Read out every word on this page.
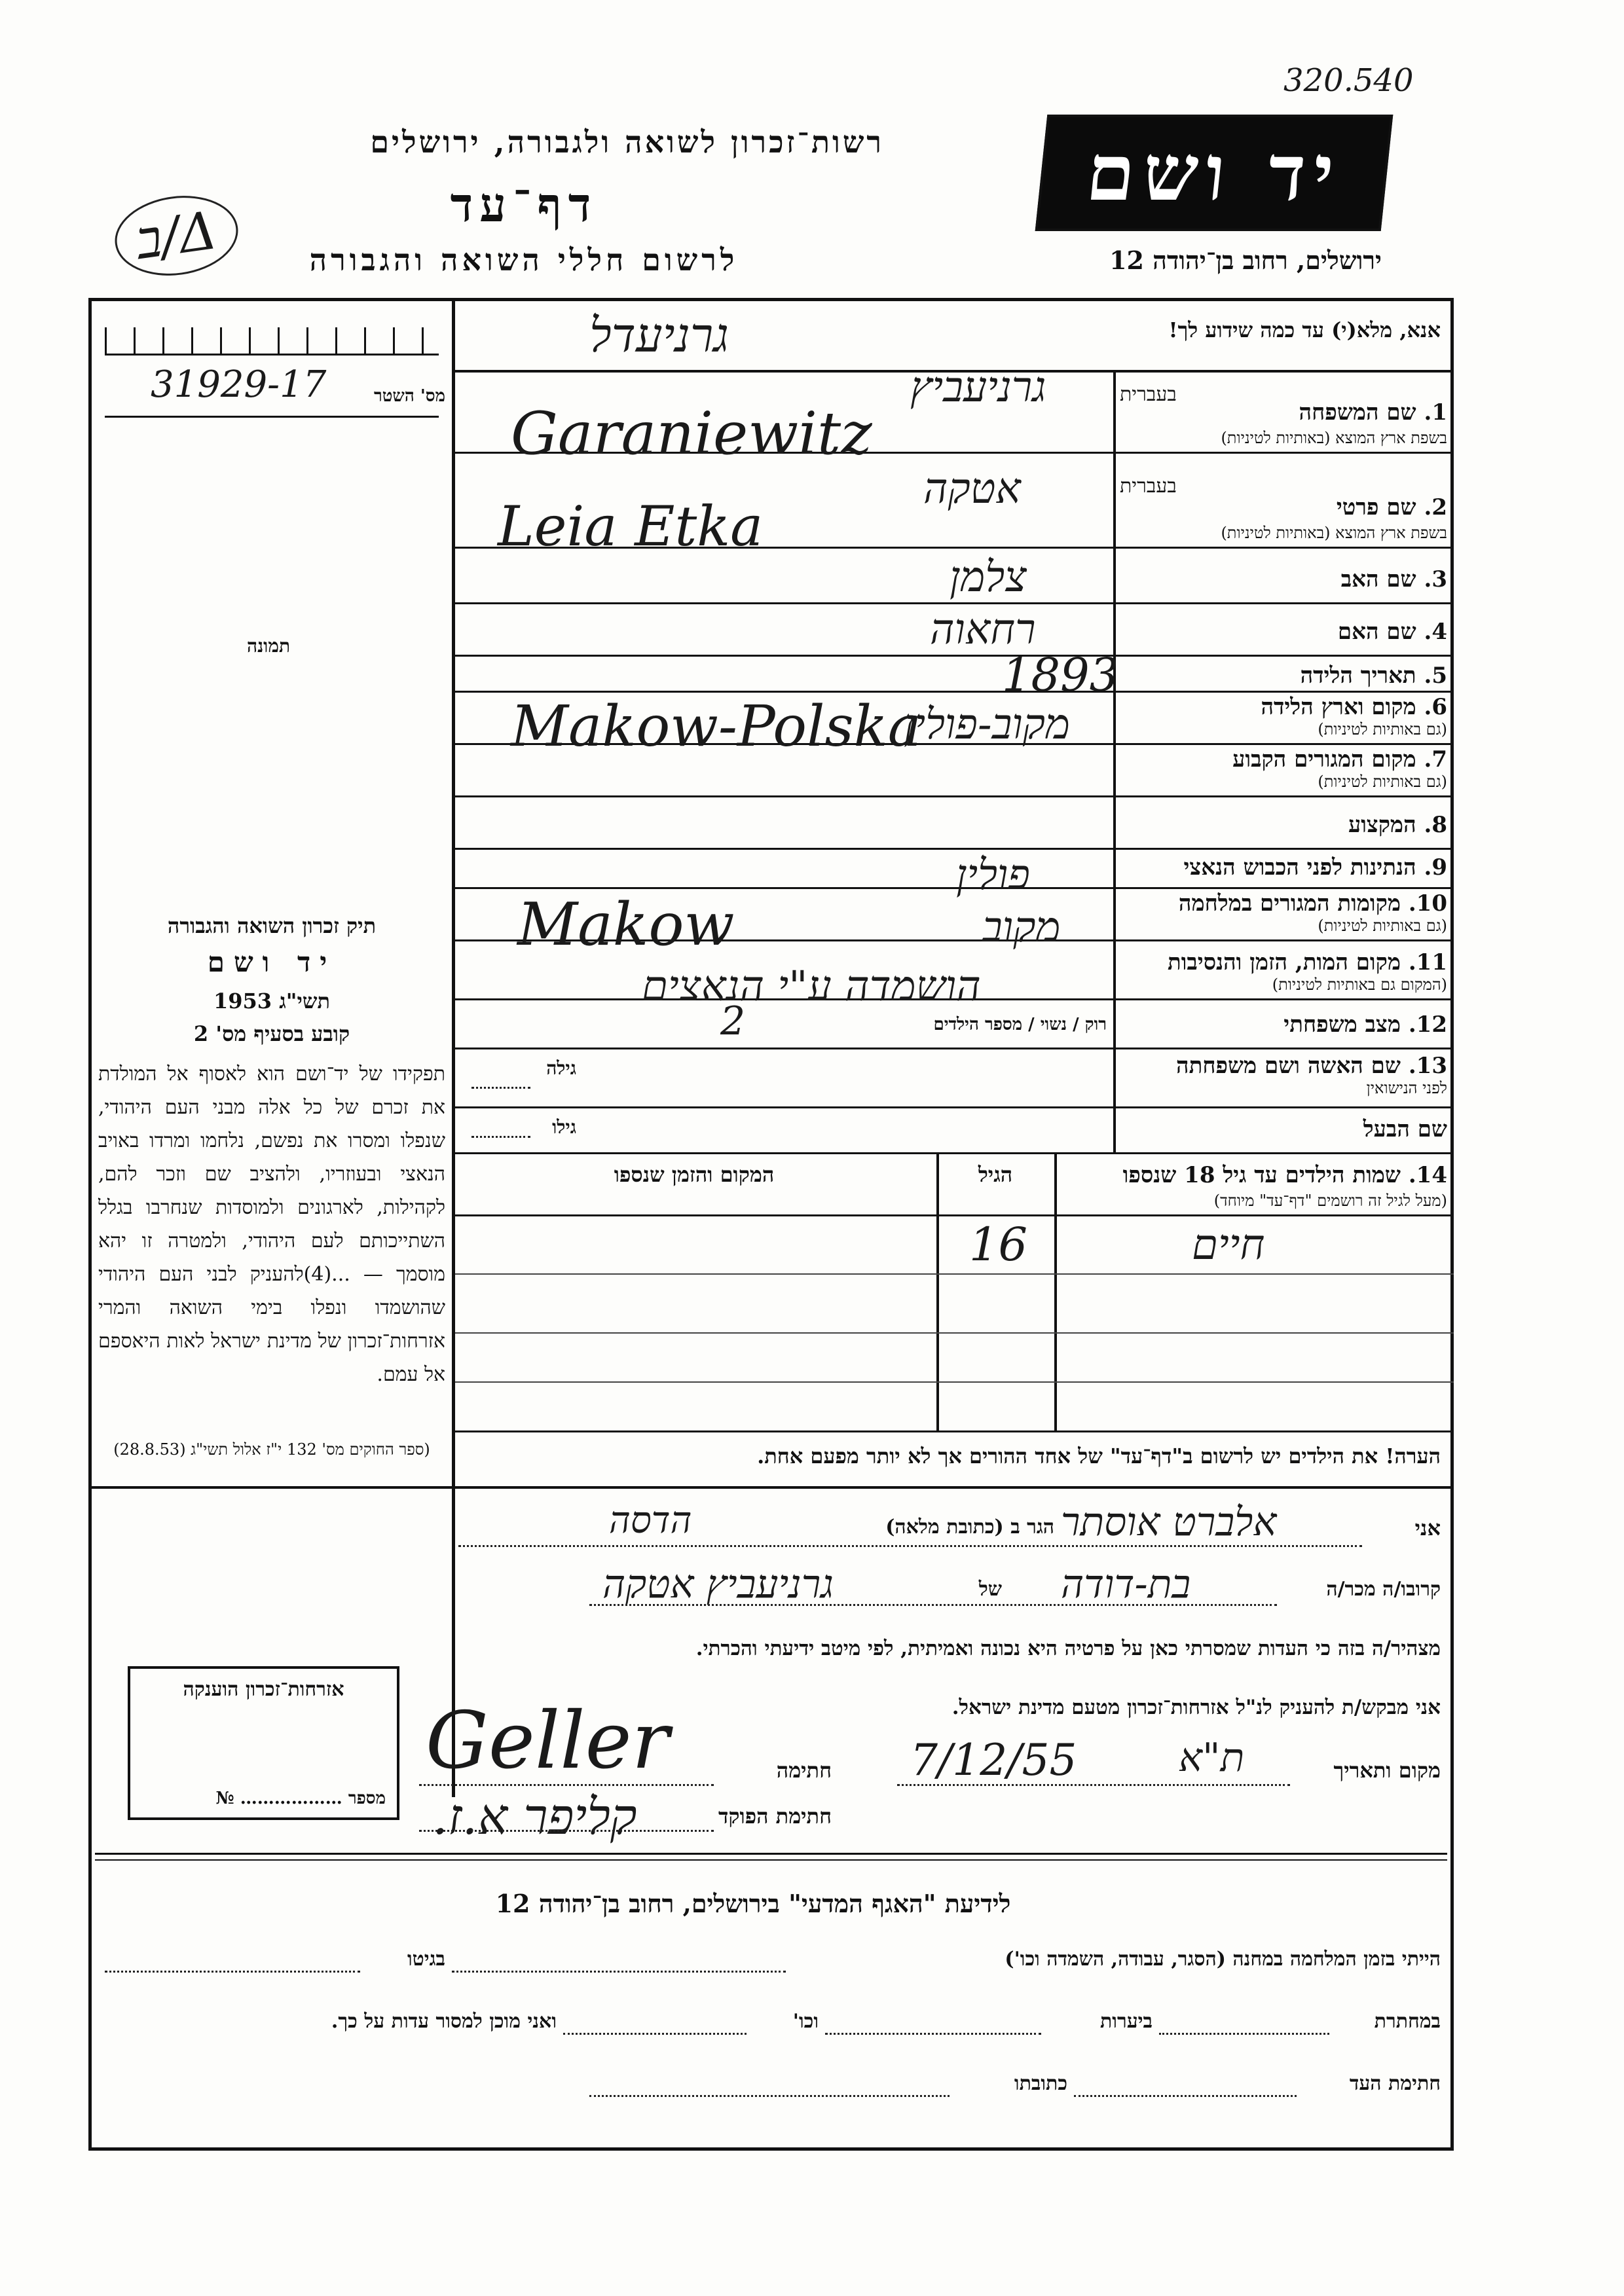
320.540
ב/Δ
רשות־זכרון לשואה ולגבורה, ירושלים
דף־עד
לרשום חללי השואה והגבורה
יד ושם
ירושלים, רחוב בן־יהודה 12
אנא, מלא(י) עד כמה שידוע לך!
גרניעדל
מס' השטר
31929-17
תמונה
1. שם המשפחה
בעברית
בשפת ארץ המוצא (באותיות לטיניות)
גרניעביץ
Garaniewitz
2. שם פרטי
בעברית
בשפת ארץ המוצא (באותיות לטיניות)
אטקה
Leia Etka
3. שם האב
צלמן
4. שם האם
רחאוה
5. תאריך הלידה
1893
6. מקום וארץ הלידה
(גם באותיות לטיניות)
מקוב-פולין
Makow-Polska	7. מקום המגורים הקבוע
(גם באותיות לטיניות)
8. המקצוע
9. הנתינות לפני הכבוש הנאצי
פולין
10. מקומות המגורים במלחמה
(גם באותיות לטיניות)
מקוב
Makow
11. מקום המות, הזמן והנסיבות
(המקום גם באותיות לטיניות)
הושמדה ע"י הנאצים
12. מצב משפחתי
רוק / נשוי / מספר הילדים
2
13. שם האשה ושם משפחתה
לפני הנישואין
גילה
שם הבעל
גילו
14. שמות הילדים עד גיל 18 שנספו
(מעל לגיל זה רושמים "דף־עד" מיוחד)
הגיל
המקום והזמן שנספו
חיים
16
הערה! את הילדים יש לרשום ב"דף־עד" של אחד ההורים אך לא יותר מפעם אחת.
תיק זכרון השואה והגבורה
יד ושם
תשי"ג 1953
קובע בסעיף מס' 2
תפקידו של יד־ושם הוא לאסוף אל המולדת את זכרם של כל אלה מבני העם היהודי, שנפלו ומסרו את נפשם, נלחמו ומרדו באויב הנאצי ובעוזריו, ולהציב שם וזכר להם, לקהילות, לארגונים ולמוסדות שנחרבו בגלל השתייכותם לעם היהודי, ולמטרה זו יהא מוסמך — ...(4)להעניק לבני העם היהודי שהושמדו ונפלו בימי השואה והמרי אזרחות־זכרון של מדינת ישראל לאות היאספם אל עמם.
(ספר החוקים מס' 132 י"ז אלול תשי"ג (28.8.53)
אני
אלברט אוסתר
הגר ב (כתובת מלאה)
הדסה
קרובו/ה מכר/ה
בת-דודה
של
גרניעביץ אטקה
מצהיר/ה בזה כי העדות שמסרתי כאן על פרטיה היא נכונה ואמיתית, לפי מיטב ידיעתי והכרתי.
אני מבקש/ת להעניק לנ"ל אזרחות־זכרון מטעם מדינת ישראל.
מקום ותאריך
ת"א
7/12/55
חתימה
Geller
חתימת הפוקד
קליפר א.ז.
אזרחות־זכרון הוענקה
מספר ……………… №
לידיעת "האגף המדעי" בירושלים, רחוב בן־יהודה 12
הייתי בזמן המלחמה במחנה (הסגר, עבודה, השמדה וכו')
בגיטו
במחתרת
ביערות
וכו'
ואני מוכן למסור עדות על כך.
חתימת העד
כתובתו
